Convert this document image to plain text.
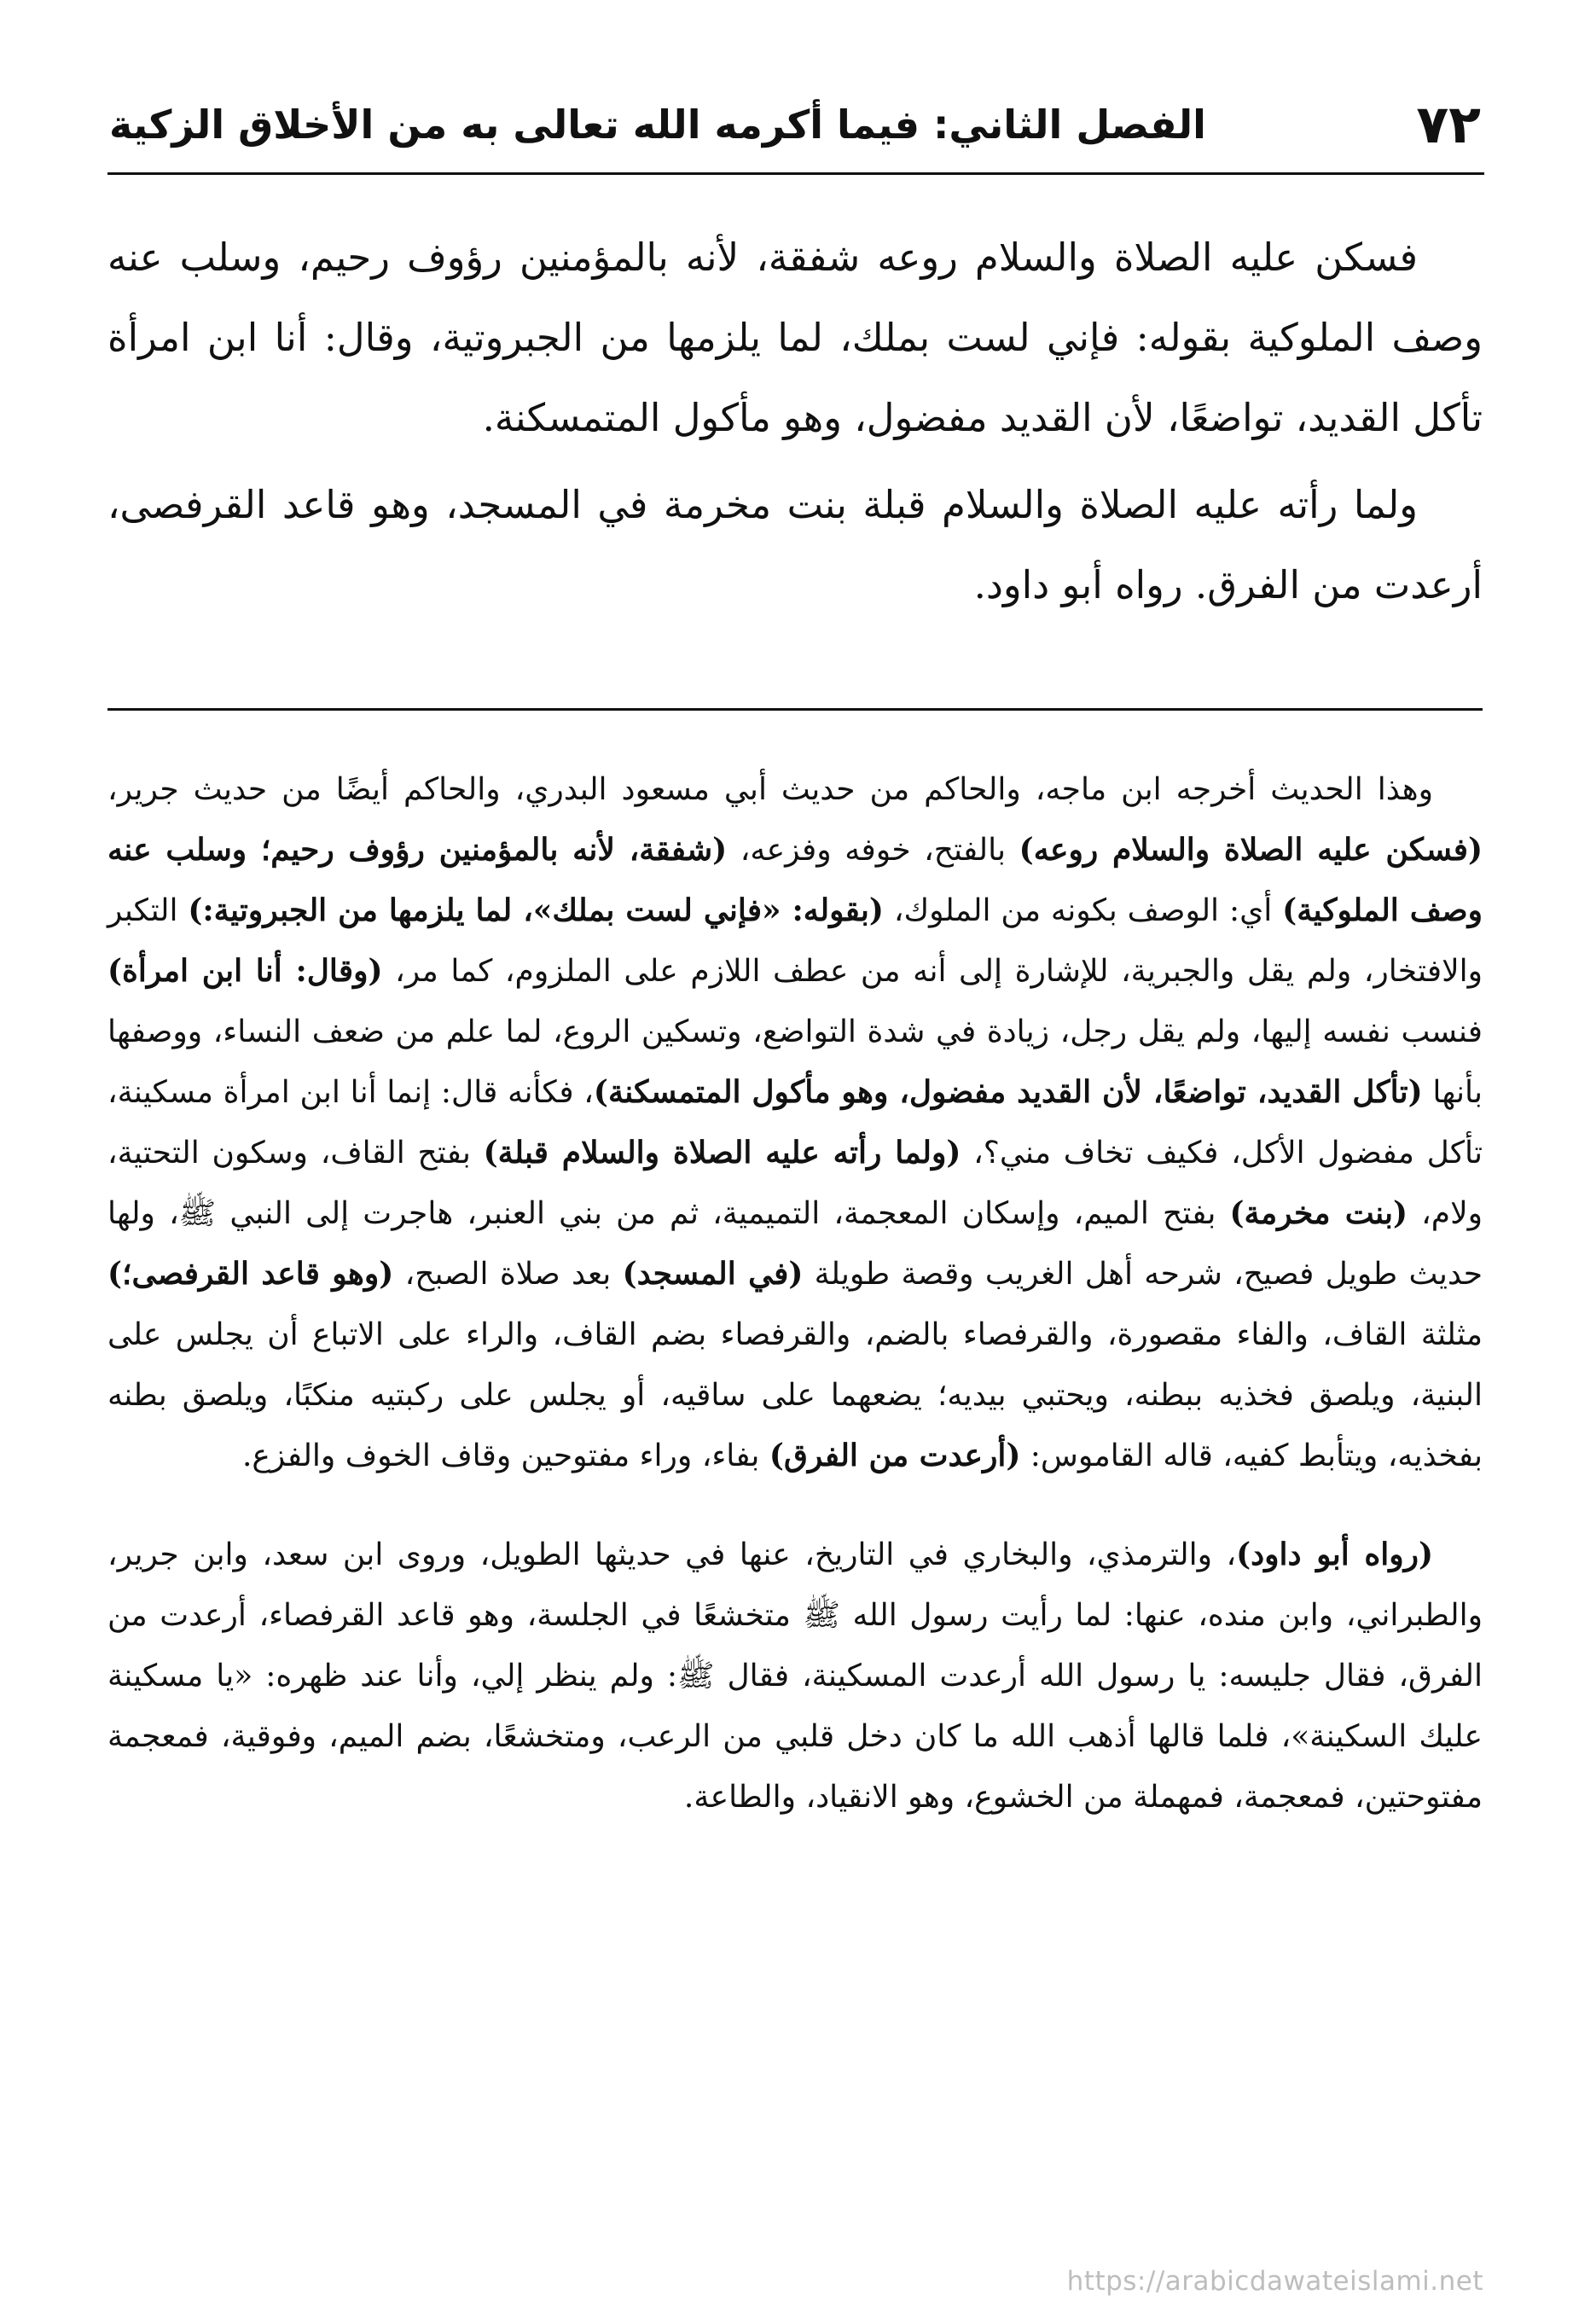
٧٢
الفصل الثاني: فيما أكرمه الله تعالى به من الأخلاق الزكية

فسكن عليه الصلاة والسلام روعه شفقة، لأنه بالمؤمنين رؤوف رحيم، وسلب عنه وصف الملوكية بقوله: فإني لست بملك، لما يلزمها من الجبروتية، وقال: أنا ابن امرأة تأكل القديد، تواضعًا، لأن القديد مفضول، وهو مأكول المتمسكنة.

ولما رأته عليه الصلاة والسلام قبلة بنت مخرمة في المسجد، وهو قاعد القرفصى، أرعدت من الفرق. رواه أبو داود.

وهذا الحديث أخرجه ابن ماجه، والحاكم من حديث أبي مسعود البدري، والحاكم أيضًا من حديث جرير، (فسكن عليه الصلاة والسلام روعه) بالفتح، خوفه وفزعه، (شفقة، لأنه بالمؤمنين رؤوف رحيم؛ وسلب عنه وصف الملوكية) أي: الوصف بكونه من الملوك، (بقوله: «فإني لست بملك»، لما يلزمها من الجبروتية:) التكبر والافتخار، ولم يقل والجبرية، للإشارة إلى أنه من عطف اللازم على الملزوم، كما مر، (وقال: أنا ابن امرأة) فنسب نفسه إليها، ولم يقل رجل، زيادة في شدة التواضع، وتسكين الروع، لما علم من ضعف النساء، ووصفها بأنها (تأكل القديد، تواضعًا، لأن القديد مفضول، وهو مأكول المتمسكنة)، فكأنه قال: إنما أنا ابن امرأة مسكينة، تأكل مفضول الأكل، فكيف تخاف مني؟، (ولما رأته عليه الصلاة والسلام قبلة) بفتح القاف، وسكون التحتية، ولام، (بنت مخرمة) بفتح الميم، وإسكان المعجمة، التميمية، ثم من بني العنبر، هاجرت إلى النبي ﷺ، ولها حديث طويل فصيح، شرحه أهل الغريب وقصة طويلة (في المسجد) بعد صلاة الصبح، (وهو قاعد القرفصى؛) مثلثة القاف، والفاء مقصورة، والقرفصاء بالضم، والقرفصاء بضم القاف، والراء على الاتباع أن يجلس على البنية، ويلصق فخذيه ببطنه، ويحتبي بيديه؛ يضعهما على ساقيه، أو يجلس على ركبتيه منكبًا، ويلصق بطنه بفخذيه، ويتأبط كفيه، قاله القاموس: (أرعدت من الفرق) بفاء، وراء مفتوحين وقاف الخوف والفزع.

(رواه أبو داود)، والترمذي، والبخاري في التاريخ، عنها في حديثها الطويل، وروى ابن سعد، وابن جرير، والطبراني، وابن منده، عنها: لما رأيت رسول الله ﷺ متخشعًا في الجلسة، وهو قاعد القرفصاء، أرعدت من الفرق، فقال جليسه: يا رسول الله أرعدت المسكينة، فقال ﷺ: ولم ينظر إلي، وأنا عند ظهره: «يا مسكينة عليك السكينة»، فلما قالها أذهب الله ما كان دخل قلبي من الرعب، ومتخشعًا، بضم الميم، وفوقية، فمعجمة مفتوحتين، فمعجمة، فمهملة من الخشوع، وهو الانقياد، والطاعة.

https://arabicdawateislami.net
